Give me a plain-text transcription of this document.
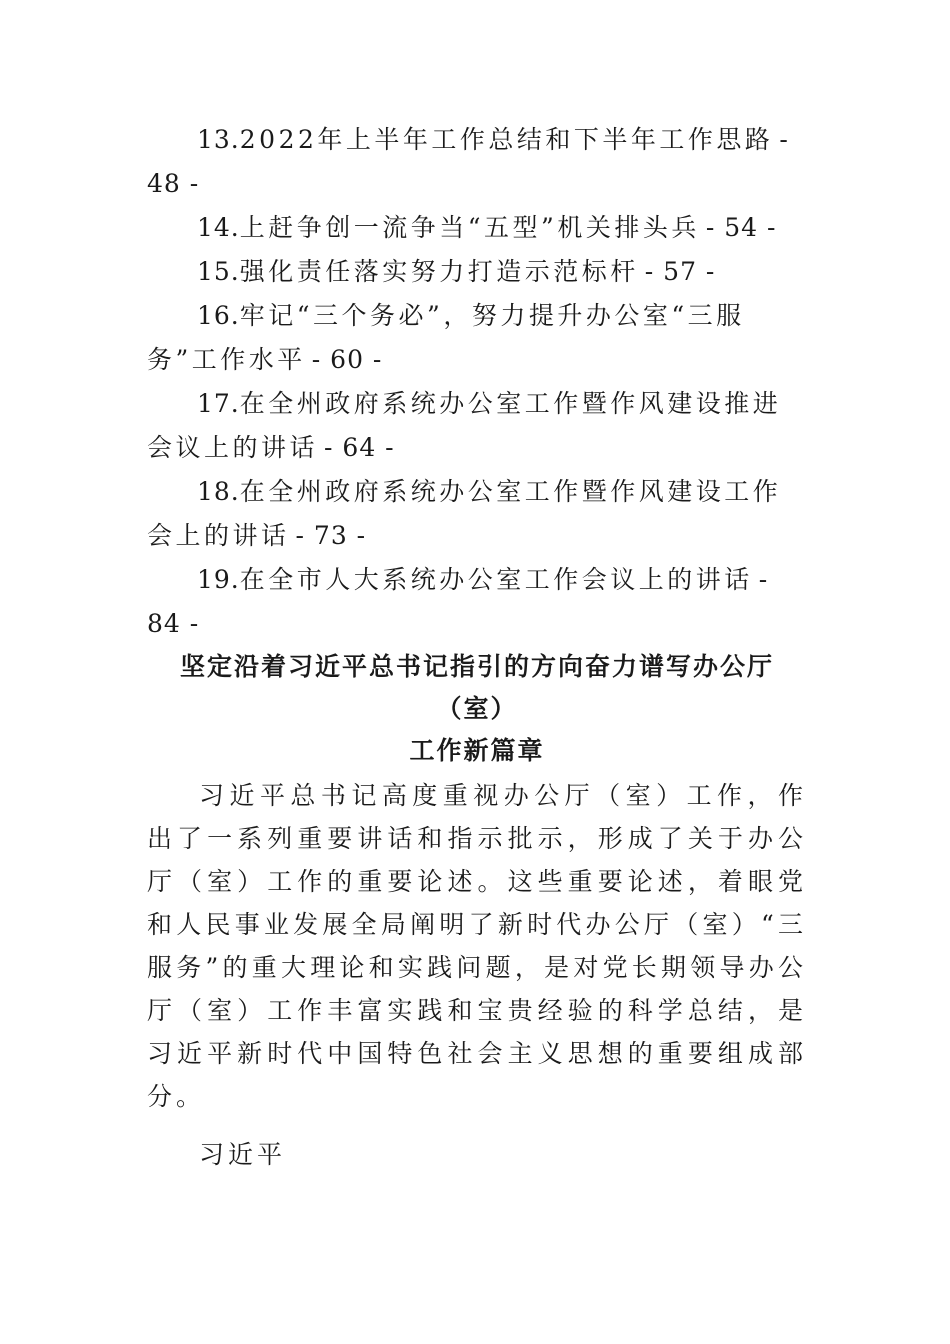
13.2022年上半年工作总结和下半年工作思路 - 48 -
14.上赶争创一流争当“五型”机关排头兵 - 54 -
15.强化责任落实努力打造示范标杆 - 57 -
16.牢记“三个务必”，努力提升办公室“三服务”工作水平 - 60 -
17.在全州政府系统办公室工作暨作风建设推进会议上的讲话 - 64 -
18.在全州政府系统办公室工作暨作风建设工作会上的讲话 - 73 -
19.在全市人大系统办公室工作会议上的讲话 - 84 -
坚定沿着习近平总书记指引的方向奋力谱写办公厅（室）
工作新篇章
习近平总书记高度重视办公厅（室）工作，作出了一系列重要讲话和指示批示，形成了关于办公厅（室）工作的重要论述。这些重要论述，着眼党和人民事业发展全局阐明了新时代办公厅（室）“三服务”的重大理论和实践问题，是对党长期领导办公厅（室）工作丰富实践和宝贵经验的科学总结，是习近平新时代中国特色社会主义思想的重要组成部分。
习近平
